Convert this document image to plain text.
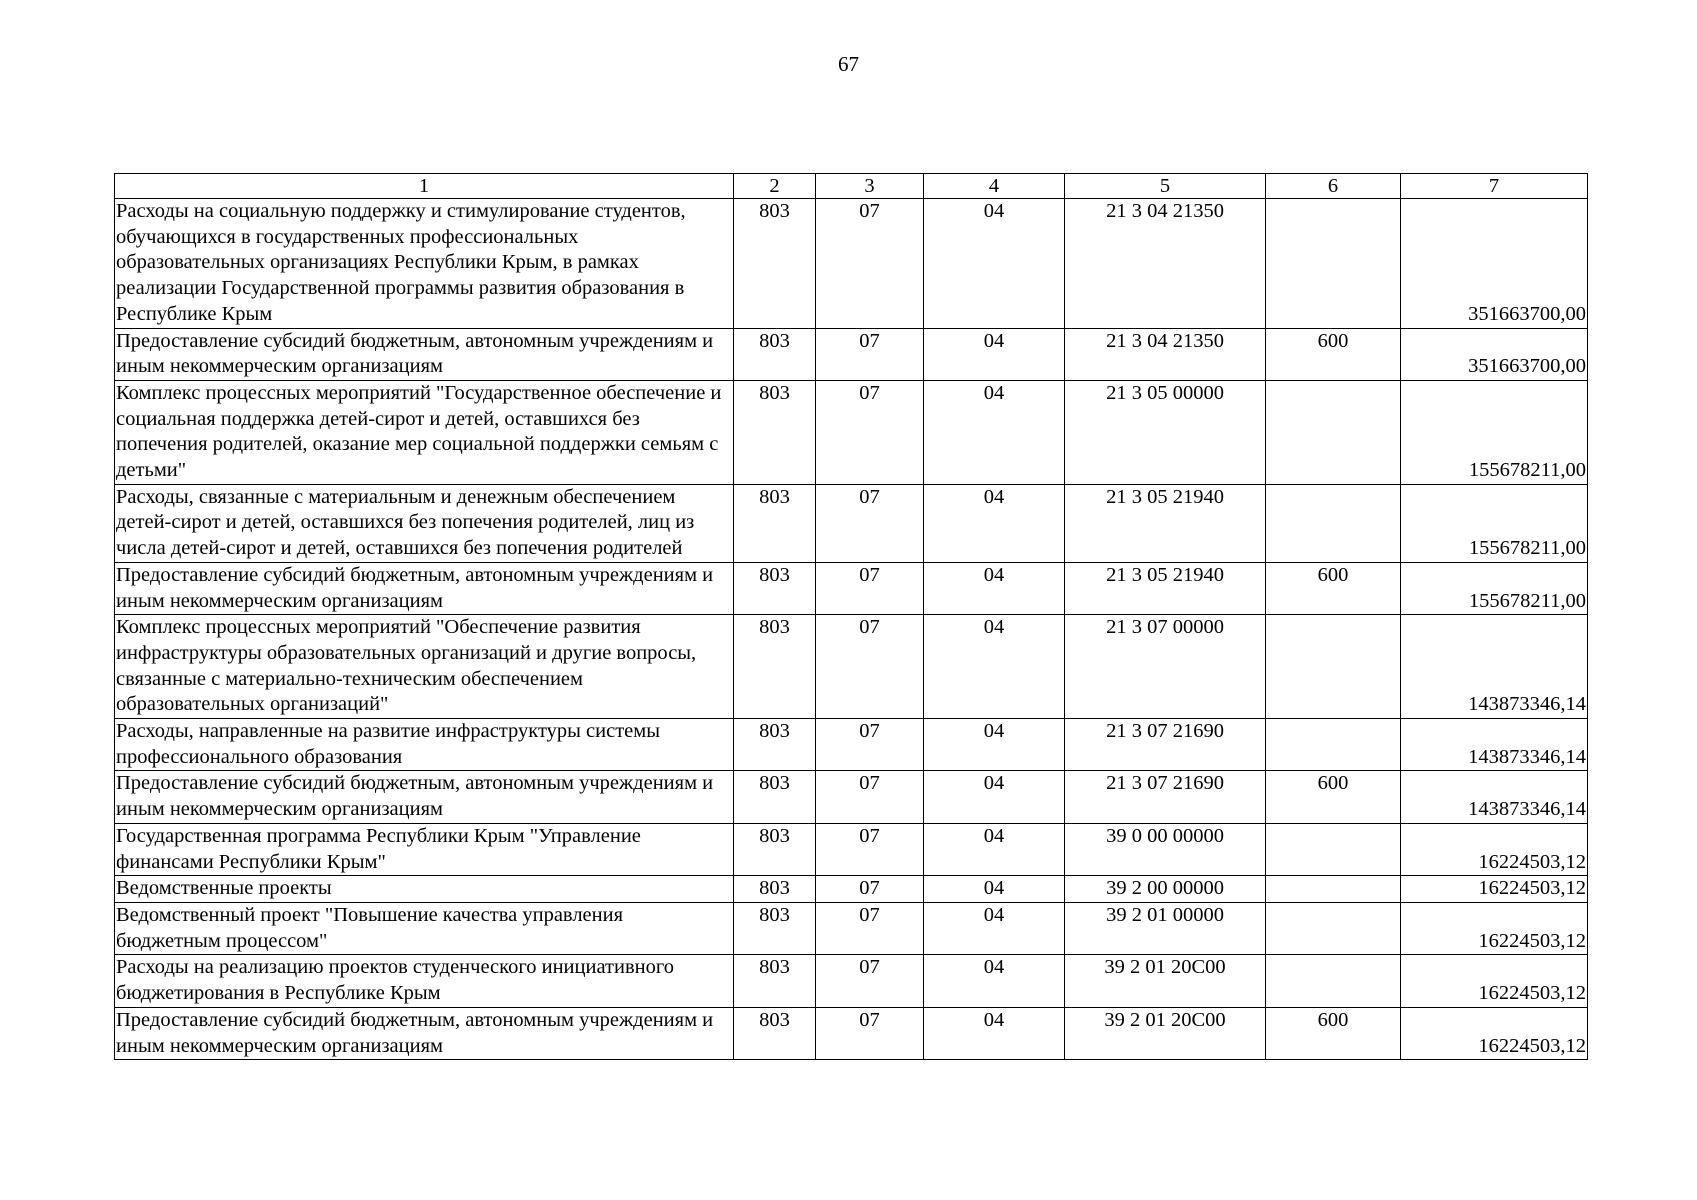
67
1	2	3	4	5	6	7
Расходы на социальную поддержку и стимулирование студентов, обучающихся в государственных профессиональных образовательных организациях Республики Крым, в рамках реализации Государственной программы развития образования в Республике Крым	803	07	04	21 3 04 21350		351663700,00
Предоставление субсидий бюджетным, автономным учреждениям и иным некоммерческим организациям	803	07	04	21 3 04 21350	600	351663700,00
Комплекс процессных мероприятий "Государственное обеспечение и социальная поддержка детей-сирот и детей, оставшихся без попечения родителей, оказание мер социальной поддержки семьям с детьми"	803	07	04	21 3 05 00000		155678211,00
Расходы, связанные с материальным и денежным обеспечением детей-сирот и детей, оставшихся без попечения родителей, лиц из числа детей-сирот и детей, оставшихся без попечения родителей	803	07	04	21 3 05 21940		155678211,00
Предоставление субсидий бюджетным, автономным учреждениям и иным некоммерческим организациям	803	07	04	21 3 05 21940	600	155678211,00
Комплекс процессных мероприятий "Обеспечение развития инфраструктуры образовательных организаций и другие вопросы, связанные с материально-техническим обеспечением образовательных организаций"	803	07	04	21 3 07 00000		143873346,14
Расходы, направленные на развитие инфраструктуры системы профессионального образования	803	07	04	21 3 07 21690		143873346,14
Предоставление субсидий бюджетным, автономным учреждениям и иным некоммерческим организациям	803	07	04	21 3 07 21690	600	143873346,14
Государственная программа Республики Крым "Управление финансами Республики Крым"	803	07	04	39 0 00 00000		16224503,12
Ведомственные проекты	803	07	04	39 2 00 00000		16224503,12
Ведомственный проект "Повышение качества управления бюджетным процессом"	803	07	04	39 2 01 00000		16224503,12
Расходы на реализацию проектов студенческого инициативного бюджетирования в Республике Крым	803	07	04	39 2 01 20С00		16224503,12
Предоставление субсидий бюджетным, автономным учреждениям и иным некоммерческим организациям	803	07	04	39 2 01 20С00	600	16224503,12
